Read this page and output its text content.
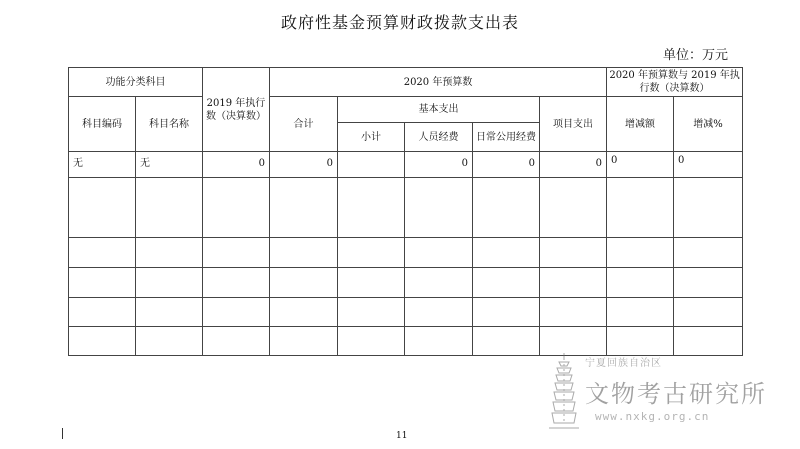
政府性基金预算财政拨款支出表
单位：万元
功能分类科目		2019 年执行数（决算数）	2020 年预算数					2020 年预算数与 2019 年执行数（决算数）	
科目编码	科目名称		合计	基本支出			项目支出	增减额	增减%
				小计	人员经费	日常公用经费			
无	无	0	0		0	0	0	0	0

11
宁夏回族自治区
文物考古研究所
www.nxkg.org.cn
